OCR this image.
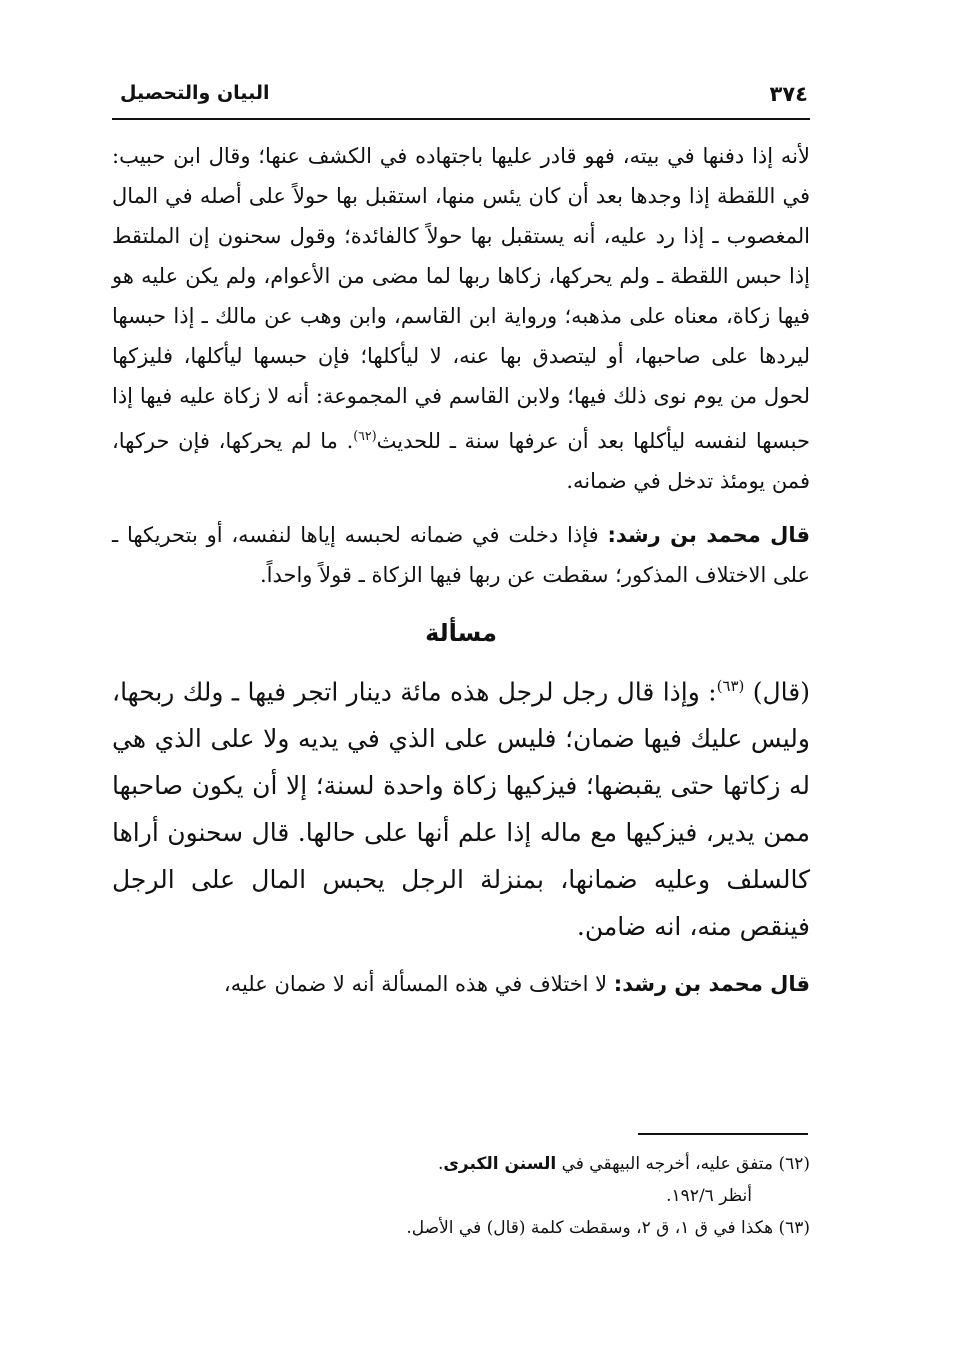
٣٧٤
البيان والتحصيل

لأنه إذا دفنها في بيته، فهو قادر عليها باجتهاده في الكشف عنها؛ وقال ابن حبيب: في اللقطة إذا وجدها بعد أن كان يئس منها، استقبل بها حولاً على أصله في المال المغصوب ـ إذا رد عليه، أنه يستقبل بها حولاً كالفائدة؛ وقول سحنون إن الملتقط إذا حبس اللقطة ـ ولم يحركها، زكاها ربها لما مضى من الأعوام، ولم يكن عليه هو فيها زكاة، معناه على مذهبه؛ ورواية ابن القاسم، وابن وهب عن مالك ـ إذا حبسها ليردها على صاحبها، أو ليتصدق بها عنه، لا ليأكلها؛ فإن حبسها ليأكلها، فليزكها لحول من يوم نوى ذلك فيها؛ ولابن القاسم في المجموعة: أنه لا زكاة عليه فيها إذا حبسها لنفسه ليأكلها بعد أن عرفها سنة ـ للحديث$^{(٦٢)}$. ما لم يحركها، فإن حركها، فمن يومئذ تدخل في ضمانه.

قال محمد بن رشد: فإذا دخلت في ضمانه لحبسه إياها لنفسه، أو بتحريكها ـ على الاختلاف المذكور؛ سقطت عن ربها فيها الزكاة ـ قولاً واحداً.

مسألة

(قال) $^{(٦٣)}$: وإذا قال رجل لرجل هذه مائة دينار اتجر فيها ـ ولك ربحها، وليس عليك فيها ضمان؛ فليس على الذي في يديه ولا على الذي هي له زكاتها حتى يقبضها؛ فيزكيها زكاة واحدة لسنة؛ إلا أن يكون صاحبها ممن يدير، فيزكيها مع ماله إذا علم أنها على حالها. قال سحنون أراها كالسلف وعليه ضمانها، بمنزلة الرجل يحبس المال على الرجل فينقص منه، انه ضامن.

قال محمد بن رشد: لا اختلاف في هذه المسألة أنه لا ضمان عليه،

(٦٢) متفق عليه، أخرجه البيهقي في السنن الكبرى.

أنظر ١٩٢/٦.

(٦٣) هكذا في ق ١، ق ٢، وسقطت كلمة (قال) في الأصل.
